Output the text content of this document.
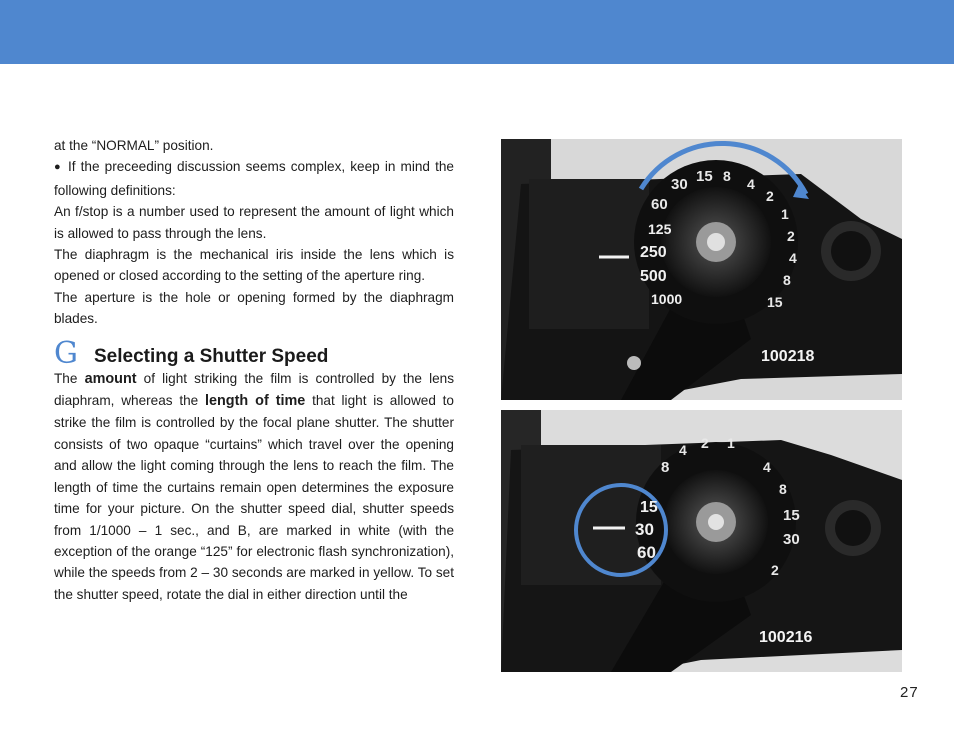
at the “NORMAL” position.

● If the preceeding discussion seems complex, keep in mind the following definitions:

An f/stop is a number used to represent the amount of light which is allowed to pass through the lens.

The diaphragm is the mechanical iris inside the lens which is opened or closed according to the setting of the aperture ring.

The aperture is the hole or opening formed by the diaphragm blades.

G Selecting a Shutter Speed

The amount of light striking the film is controlled by the lens diaphram, whereas the length of time that light is allowed to strike the film is controlled by the focal plane shutter. The shutter consists of two opaque “curtains” which travel over the opening and allow the light coming through the lens to reach the film. The length of time the curtains remain open determines the exposure time for your picture. On the shutter speed dial, shutter speeds from 1/1000 – 1 sec., and B, are marked in white (with the exception of the orange “125” for electronic flash synchronization), while the speeds from 2 – 30 seconds are marked in yellow. To set the shutter speed, rotate the dial in either direction until the

125
250
500
1000
60
30 15 8 4
2
1
2
4
8
15
100218
15
30
60
8
4 2 1
4
8
15
30
2
100216
27
